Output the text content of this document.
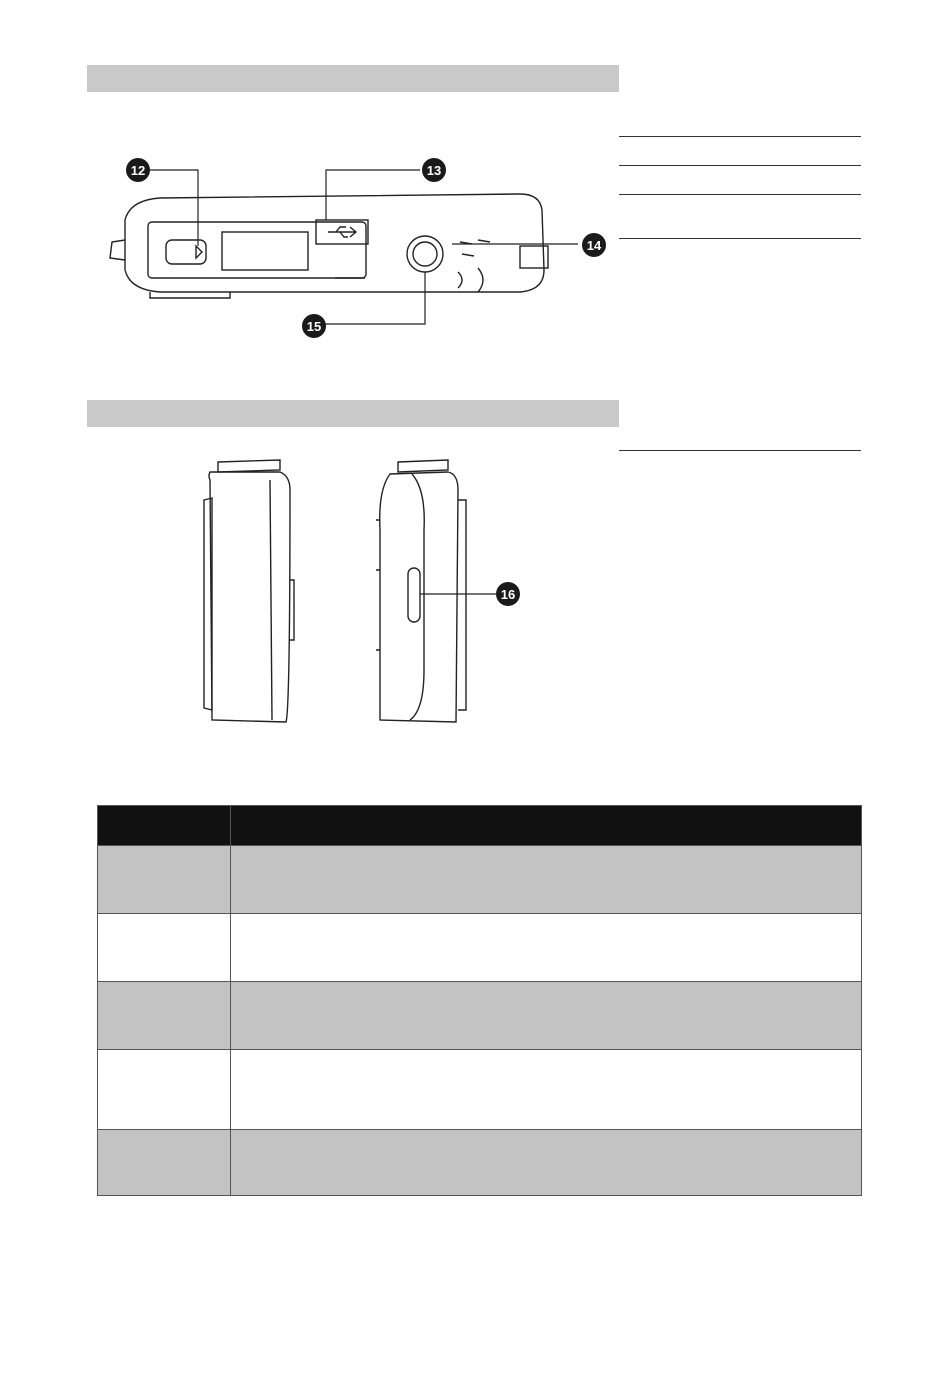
12	13
14
15
16
